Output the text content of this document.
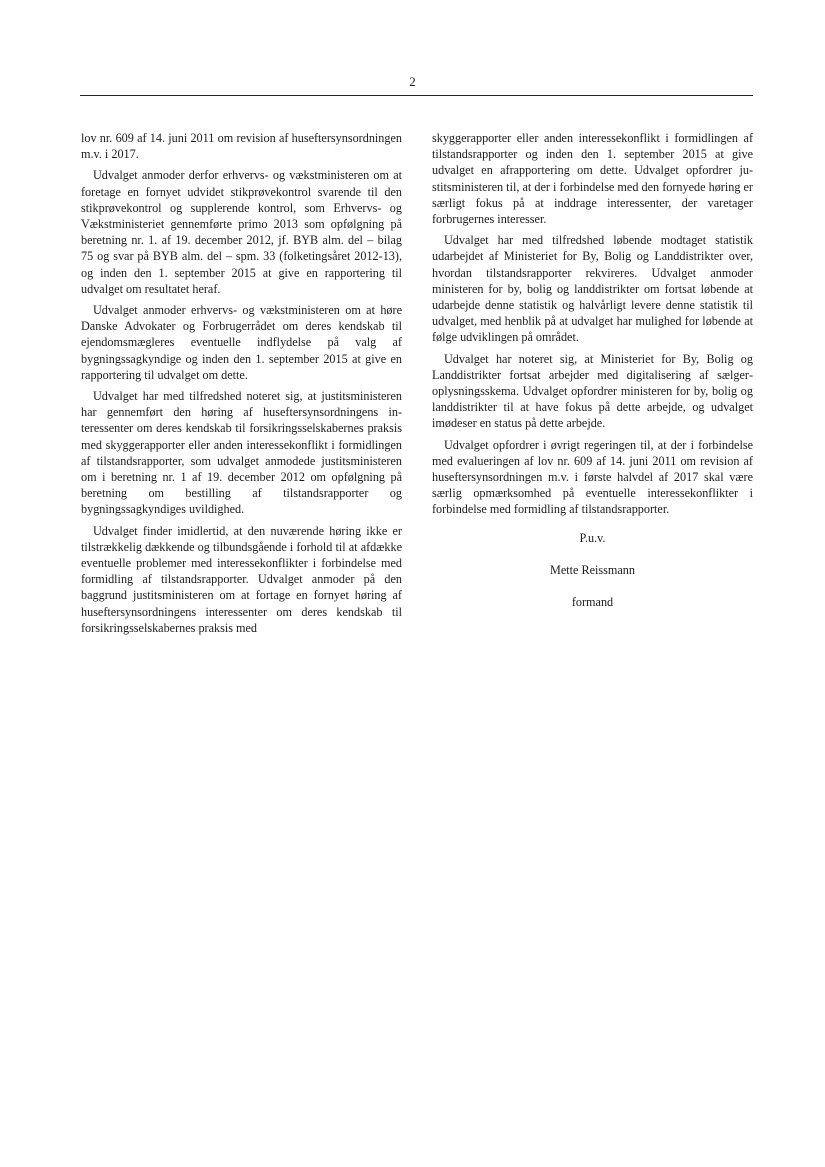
2

lov nr. 609 af 14. juni 2011 om revision af huseftersynsordningen m.v. i 2017.

Udvalget anmoder derfor erhvervs- og vækstministeren om at foretage en fornyet udvidet stikprøvekontrol svarende til den stikprøvekontrol og supplerende kontrol, som Erhvervs- og Vækstministeriet gennemførte primo 2013 som opfølgning på beretning nr. 1. af 19. december 2012, jf. BYB alm. del – bilag 75 og svar på BYB alm. del – spm. 33 (folketingsåret 2012-13), og inden den 1. september 2015 at give en rapportering til udvalget om resultatet heraf.

Udvalget anmoder erhvervs- og vækstministeren om at høre Danske Advokater og Forbrugerrådet om deres kendskab til ejendomsmægleres eventuelle indflydelse på valg af bygningssagkyndige og inden den 1. september 2015 at give en rapportering til udvalget om dette.

Udvalget har med tilfredshed noteret sig, at justitsministeren har gennemført den høring af huseftersynsordningens interessenter om deres kendskab til forsikringsselskabernes praksis med skyggerapporter eller anden interessekonflikt i formidlingen af tilstandsrapporter, som udvalget anmodede justitsministeren om i beretning nr. 1 af 19. december 2012 om opfølgning på beretning om bestilling af tilstandsrapporter og bygningssagkyndiges uvildighed.

Udvalget finder imidlertid, at den nuværende høring ikke er tilstrækkelig dækkende og tilbundsgående i forhold til at afdække eventuelle problemer med interessekonflikter i forbindelse med formidling af tilstandsrapporter. Udvalget anmoder på den baggrund justitsministeren om at fortage en fornyet høring af huseftersynsordningens interessenter om deres kendskab til forsikringsselskabernes praksis med

skyggerapporter eller anden interessekonflikt i formidlingen af tilstandsrapporter og inden den 1. september 2015 at give udvalget en afrapportering om dette. Udvalget opfordrer justitsministeren til, at der i forbindelse med den fornyede høring er særligt fokus på at inddrage interessenter, der varetager forbrugernes interesser.

Udvalget har med tilfredshed løbende modtaget statistik udarbejdet af Ministeriet for By, Bolig og Landdistrikter over, hvordan tilstandsrapporter rekvireres. Udvalget anmoder ministeren for by, bolig og landdistrikter om fortsat løbende at udarbejde denne statistik og halvårligt levere denne statistik til udvalget, med henblik på at udvalget har mulighed for løbende at følge udviklingen på området.

Udvalget har noteret sig, at Ministeriet for By, Bolig og Landdistrikter fortsat arbejder med digitalisering af sælgeroplysningsskema. Udvalget opfordrer ministeren for by, bolig og landdistrikter til at have fokus på dette arbejde, og udvalget imødeser en status på dette arbejde.

Udvalget opfordrer i øvrigt regeringen til, at der i forbindelse med evalueringen af lov nr. 609 af 14. juni 2011 om revision af huseftersynsordningen m.v. i første halvdel af 2017 skal være særlig opmærksomhed på eventuelle interessekonflikter i forbindelse med formidling af tilstandsrapporter.

P.u.v.
Mette Reissmann
formand
